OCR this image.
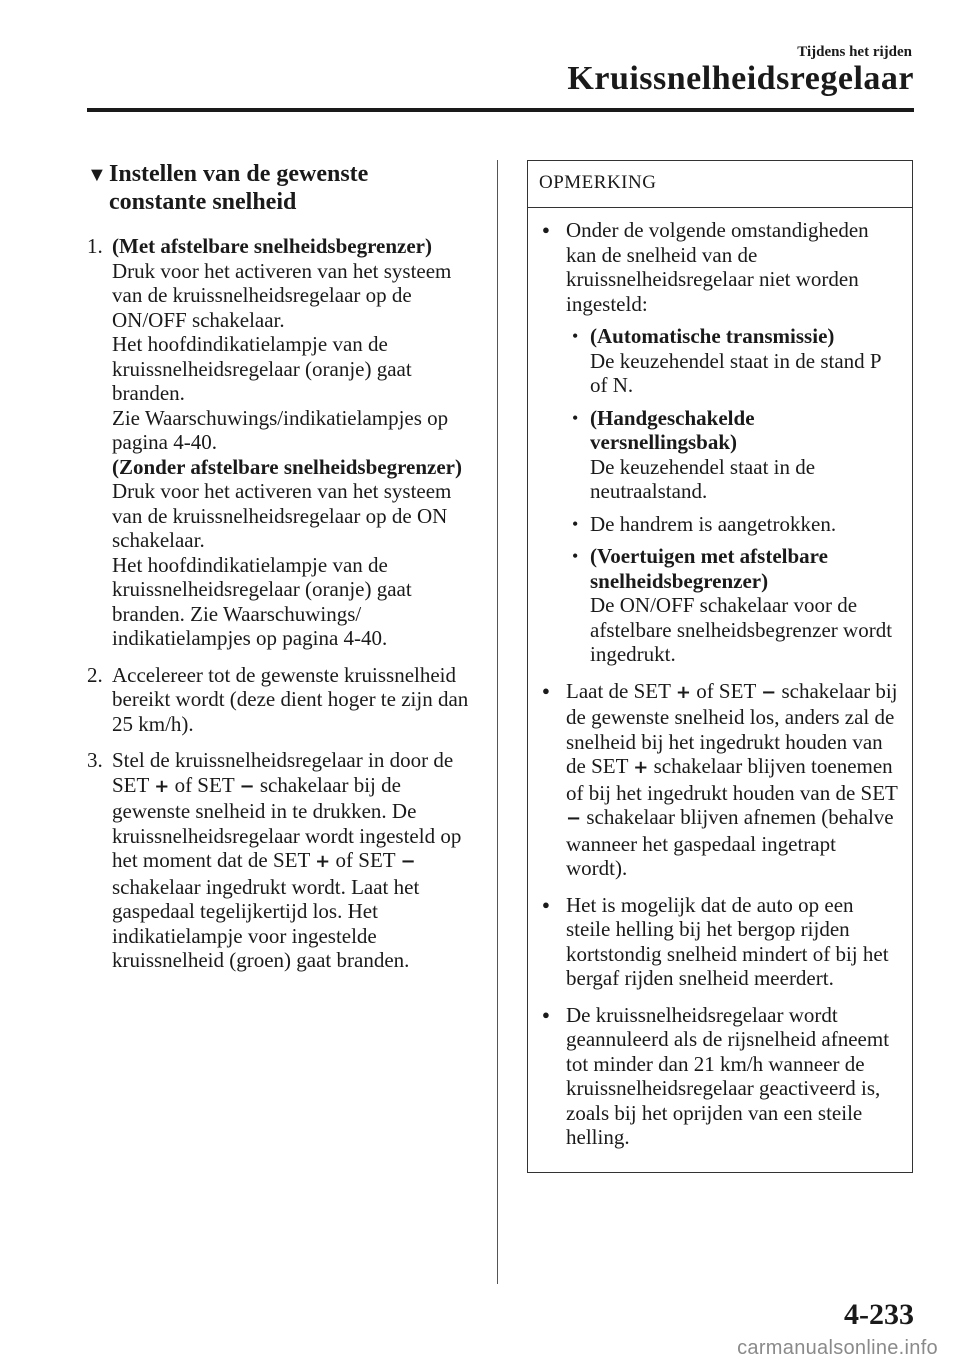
Tijdens het rijden
Kruissnelheidsregelaar
▼ Instellen van de gewenste
constante snelheid
1. (Met afstelbare snelheidsbegrenzer)
Druk voor het activeren van het systeem van de kruissnelheidsregelaar op de ON/OFF schakelaar.
Het hoofdindikatielampje van de kruissnelheidsregelaar (oranje) gaat branden.
Zie Waarschuwings/indikatielampjes op pagina 4-40.
(Zonder afstelbare snelheidsbegrenzer)
Druk voor het activeren van het systeem van de kruissnelheidsregelaar op de ON schakelaar.
Het hoofdindikatielampje van de kruissnelheidsregelaar (oranje) gaat branden. Zie Waarschuwings/ indikatielampjes op pagina 4-40.
2. Accelereer tot de gewenste kruissnelheid bereikt wordt (deze dient hoger te zijn dan 25 km/h).
3. Stel de kruissnelheidsregelaar in door de SET + of SET − schakelaar bij de gewenste snelheid in te drukken. De kruissnelheidsregelaar wordt ingesteld op het moment dat de SET + of SET − schakelaar ingedrukt wordt. Laat het gaspedaal tegelijkertijd los. Het indikatielampje voor ingestelde kruissnelheid (groen) gaat branden.
OPMERKING
● Onder de volgende omstandigheden kan de snelheid van de kruissnelheidsregelaar niet worden ingesteld:
• (Automatische transmissie)
De keuzehendel staat in de stand P of N.
• (Handgeschakelde versnellingsbak)
De keuzehendel staat in de neutraalstand.
• De handrem is aangetrokken.
• (Voertuigen met afstelbare snelheidsbegrenzer)
De ON/OFF schakelaar voor de afstelbare snelheidsbegrenzer wordt ingedrukt.
● Laat de SET + of SET − schakelaar bij de gewenste snelheid los, anders zal de snelheid bij het ingedrukt houden van de SET + schakelaar blijven toenemen of bij het ingedrukt houden van de SET − schakelaar blijven afnemen (behalve wanneer het gaspedaal ingetrapt wordt).
● Het is mogelijk dat de auto op een steile helling bij het bergop rijden kortstondig snelheid mindert of bij het bergaf rijden snelheid meerdert.
● De kruissnelheidsregelaar wordt geannuleerd als de rijsnelheid afneemt tot minder dan 21 km/h wanneer de kruissnelheidsregelaar geactiveerd is, zoals bij het oprijden van een steile helling.
4-233
carmanualsonline.info
